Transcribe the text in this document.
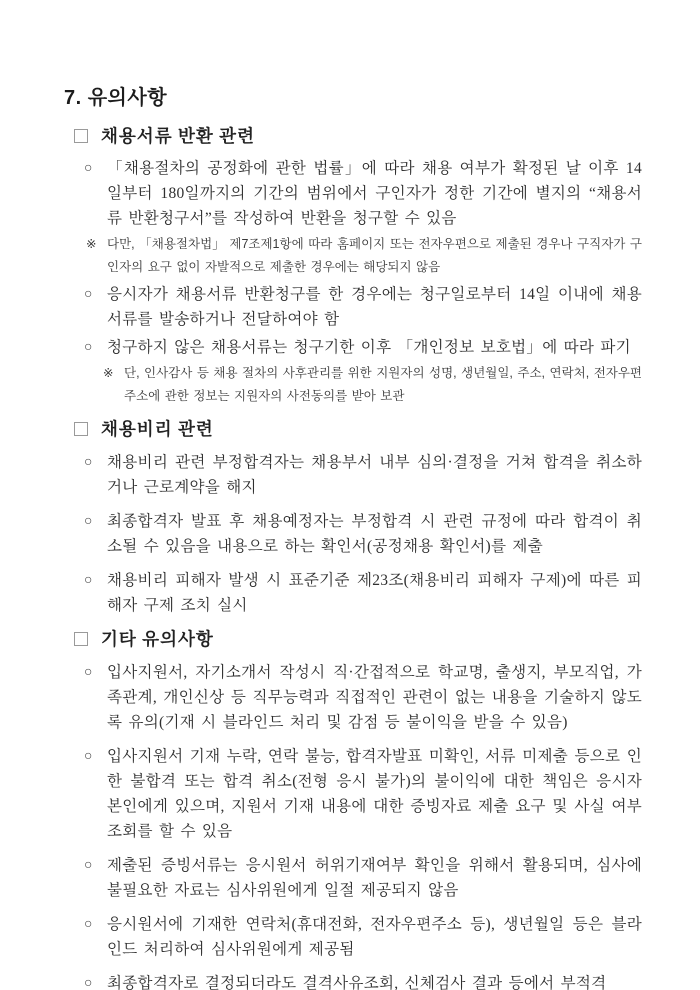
7. 유의사항
채용서류 반환 관련
○ 「채용절차의 공정화에 관한 법률」에 따라 채용 여부가 확정된 날 이후 14일부터 180일까지의 기간의 범위에서 구인자가 정한 기간에 별지의 “채용서류 반환청구서”를 작성하여 반환을 청구할 수 있음
※ 다만, 「채용절차법」 제7조제1항에 따라 홈페이지 또는 전자우편으로 제출된 경우나 구직자가 구인자의 요구 없이 자발적으로 제출한 경우에는 해당되지 않음
○ 응시자가 채용서류 반환청구를 한 경우에는 청구일로부터 14일 이내에 채용서류를 발송하거나 전달하여야 함
○ 청구하지 않은 채용서류는 청구기한 이후 「개인정보 보호법」에 따라 파기
※ 단, 인사감사 등 채용 절차의 사후관리를 위한 지원자의 성명, 생년월일, 주소, 연락처, 전자우편주소에 관한 정보는 지원자의 사전동의를 받아 보관
채용비리 관련
○ 채용비리 관련 부정합격자는 채용부서 내부 심의·결정을 거쳐 합격을 취소하거나 근로계약을 해지
○ 최종합격자 발표 후 채용예정자는 부정합격 시 관련 규정에 따라 합격이 취소될 수 있음을 내용으로 하는 확인서(공정채용 확인서)를 제출
○ 채용비리 피해자 발생 시 표준기준 제23조(채용비리 피해자 구제)에 따른 피해자 구제 조치 실시
기타 유의사항
○ 입사지원서, 자기소개서 작성시 직·간접적으로 학교명, 출생지, 부모직업, 가족관계, 개인신상 등 직무능력과 직접적인 관련이 없는 내용을 기술하지 않도록 유의(기재 시 블라인드 처리 및 감점 등 불이익을 받을 수 있음)
○ 입사지원서 기재 누락, 연락 불능, 합격자발표 미확인, 서류 미제출 등으로 인한 불합격 또는 합격 취소(전형 응시 불가)의 불이익에 대한 책임은 응시자 본인에게 있으며, 지원서 기재 내용에 대한 증빙자료 제출 요구 및 사실 여부 조회를 할 수 있음
○ 제출된 증빙서류는 응시원서 허위기재여부 확인을 위해서 활용되며, 심사에 불필요한 자료는 심사위원에게 일절 제공되지 않음
○ 응시원서에 기재한 연락처(휴대전화, 전자우편주소 등), 생년월일 등은 블라인드 처리하여 심사위원에게 제공됨
○ 최종합격자로 결정되더라도 결격사유조회, 신체검사 결과 등에서 부적격
